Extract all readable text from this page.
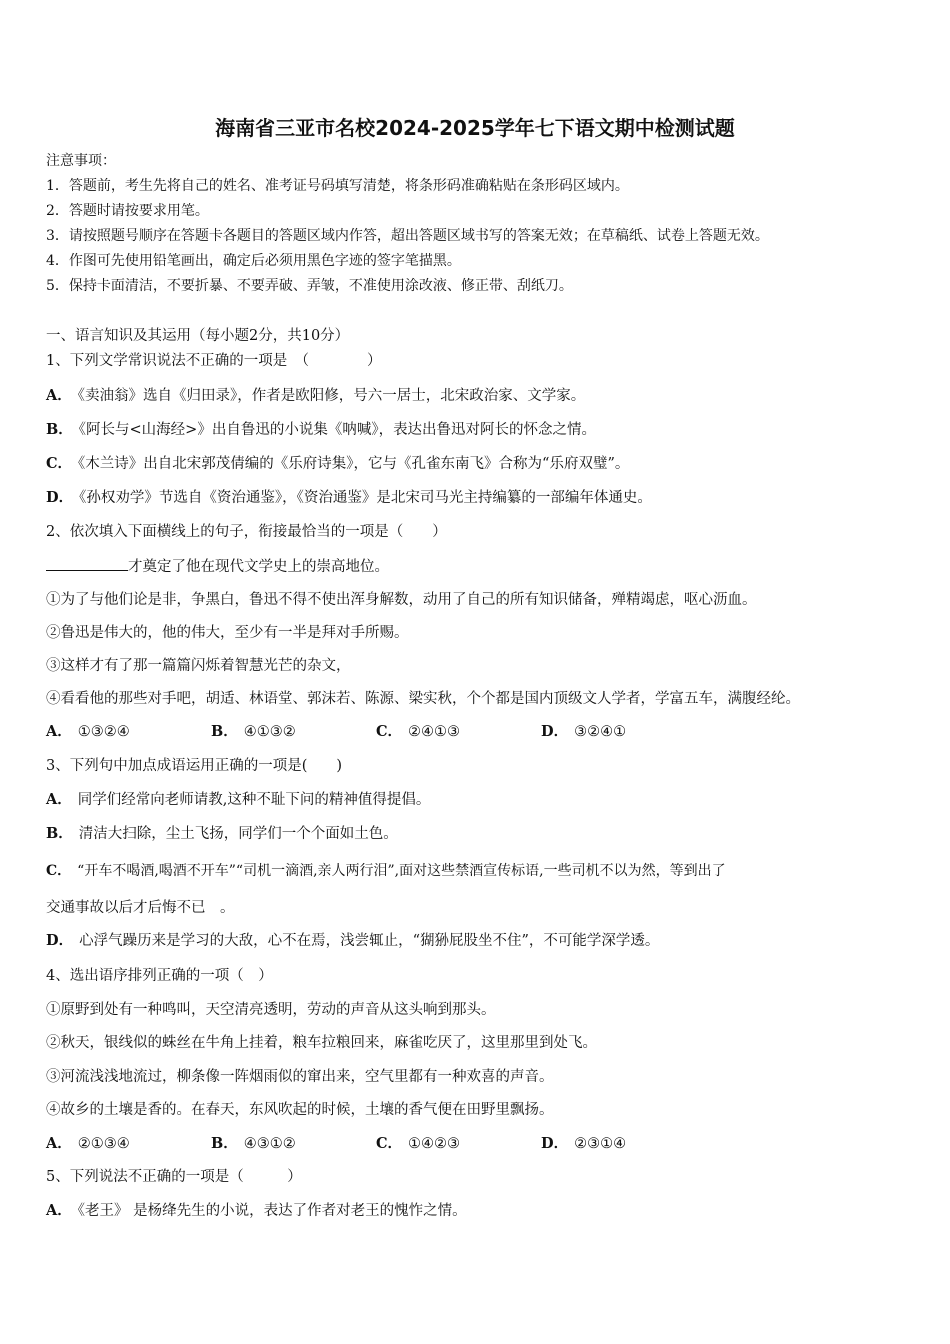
海南省三亚市名校2024-2025学年七下语文期中检测试题
注意事项：
1．答题前，考生先将自己的姓名、准考证号码填写清楚，将条形码准确粘贴在条形码区域内。
2．答题时请按要求用笔。
3．请按照题号顺序在答题卡各题目的答题区域内作答，超出答题区域书写的答案无效；在草稿纸、试卷上答题无效。
4．作图可先使用铅笔画出，确定后必须用黑色字迹的签字笔描黑。
5．保持卡面清洁，不要折暴、不要弄破、弄皱，不准使用涂改液、修正带、刮纸刀。
一、语言知识及其运用（每小题2分，共10分）
1、下列文学常识说法不正确的一项是　（　　　　）
A． 《卖油翁》选自《归田录》，作者是欧阳修，号六一居士，北宋政治家、文学家。
B． 《阿长与<山海经>》出自鲁迅的小说集《呐喊》，表达出鲁迅对阿长的怀念之情。
C． 《木兰诗》出自北宋郭茂倩编的《乐府诗集》，它与《孔雀东南飞》合称为“乐府双璧”。
D． 《孙权劝学》节选自《资治通鉴》，《资治通鉴》是北宋司马光主持编纂的一部编年体通史。
2、依次填入下面横线上的句子，衔接最恰当的一项是（　　）
才奠定了他在现代文学史上的崇高地位。
①为了与他们论是非，争黑白，鲁迅不得不使出浑身解数，动用了自己的所有知识储备，殚精竭虑，呕心沥血。
②鲁迅是伟大的，他的伟大，至少有一半是拜对手所赐。
③这样才有了那一篇篇闪烁着智慧光芒的杂文，
④看看他的那些对手吧，胡适、林语堂、郭沫若、陈源、梁实秋，个个都是国内顶级文人学者，学富五车，满腹经纶。
A． ①③②④	B． ④①③②	C． ②④①③	D． ③②④①
3、下列句中加点成语运用正确的一项是(　　)
A． 同学们经常向老师请教,这种不耻下问的精神值得提倡。
B． 清洁大扫除，尘土飞扬，同学们一个个面如土色。
C． “开车不喝酒,喝酒不开车”“司机一滴酒,亲人两行泪”,面对这些禁酒宣传标语,一些司机不以为然，等到出了
交通事故以后才后悔不已　。
D． 心浮气躁历来是学习的大敌，心不在焉，浅尝辄止，“猢狲屁股坐不住”，不可能学深学透。
4、选出语序排列正确的一项（　）
①原野到处有一种鸣叫，天空清亮透明，劳动的声音从这头响到那头。
②秋天，银线似的蛛丝在牛角上挂着，粮车拉粮回来，麻雀吃厌了，这里那里到处飞。
③河流浅浅地流过，柳条像一阵烟雨似的窜出来，空气里都有一种欢喜的声音。
④故乡的土壤是香的。在春天，东风吹起的时候，土壤的香气便在田野里飘扬。
A． ②①③④	B． ④③①②	C． ①④②③	D． ②③①④
5、下列说法不正确的一项是（　　　）
A． 《老王》 是杨绛先生的小说，表达了作者对老王的愧怍之情。
